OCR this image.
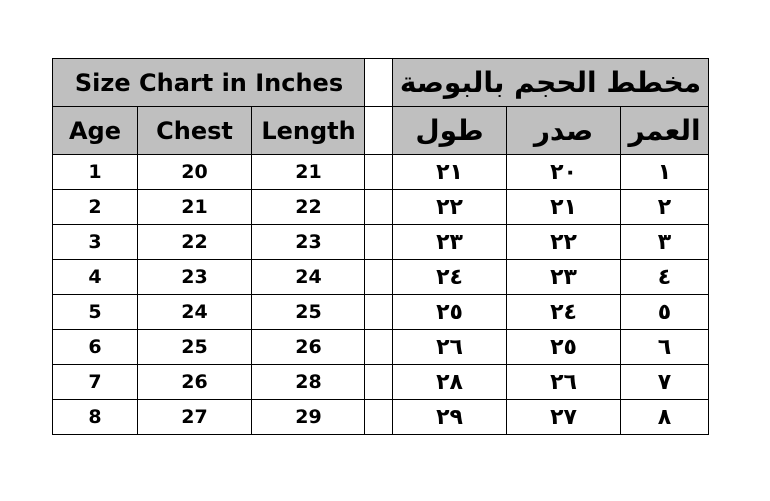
Size Chart in Inches		
Age	Chest	Length
1	20	21
2	21	22
3	22	23
4	23	24
5	24	25
6	25	26
7	26	28
8	27	29

مخطط الحجم بالبوصة		
طول	صدر	العمر
٢١	٢٠	١
٢٢	٢١	٢
٢٣	٢٢	٣
٢٤	٢٣	٤
٢٥	٢٤	٥
٢٦	٢٥	٦
٢٨	٢٦	٧
٢٩	٢٧	٨
